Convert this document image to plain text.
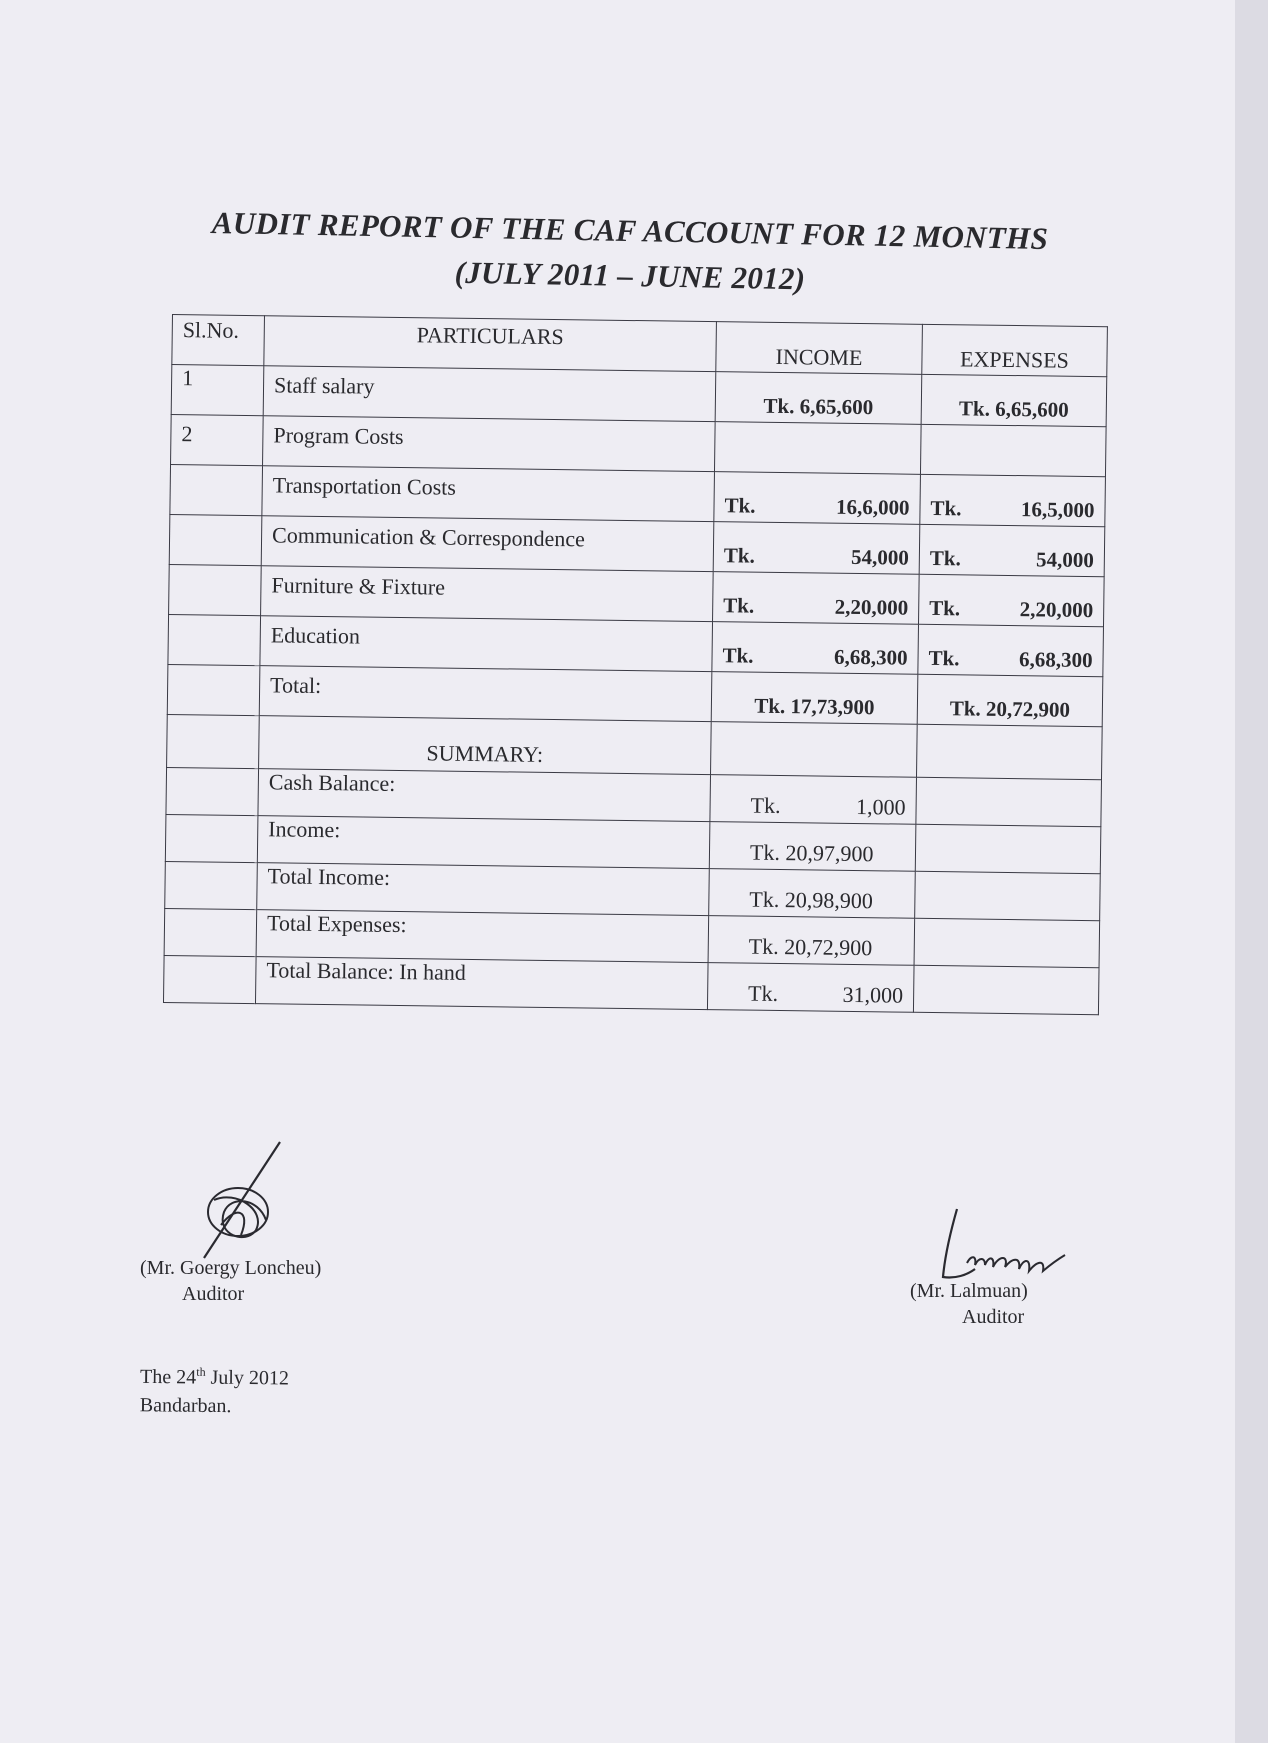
AUDIT REPORT OF THE CAF ACCOUNT FOR 12 MONTHS
(JULY 2011 – JUNE 2012)
Sl.No.	PARTICULARS	INCOME	EXPENSES
1	Staff salary	Tk. 6,65,600	Tk. 6,65,600
2	Program Costs		
	Transportation Costs	Tk. 16,6,000	Tk. 16,5,000

	Communication & Correspondence	Tk. 54,000	Tk. 54,000

	Furniture & Fixture	Tk. 2,20,000	Tk. 2,20,000

	Education	Tk. 6,68,300	Tk. 6,68,300

	Total:	Tk. 17,73,900	Tk. 20,72,900
	SUMMARY:		
	Cash Balance:	Tk. 1,000	

	Income:	Tk. 20,97,900	
	Total Income:	Tk. 20,98,900	
	Total Expenses:	Tk. 20,72,900	
	Total Balance: In hand	Tk. 31,000	

(Mr. Goergy Loncheu)
Auditor	(Mr. Lalmuan)
Auditor
The 24th July 2012
Bandarban.
